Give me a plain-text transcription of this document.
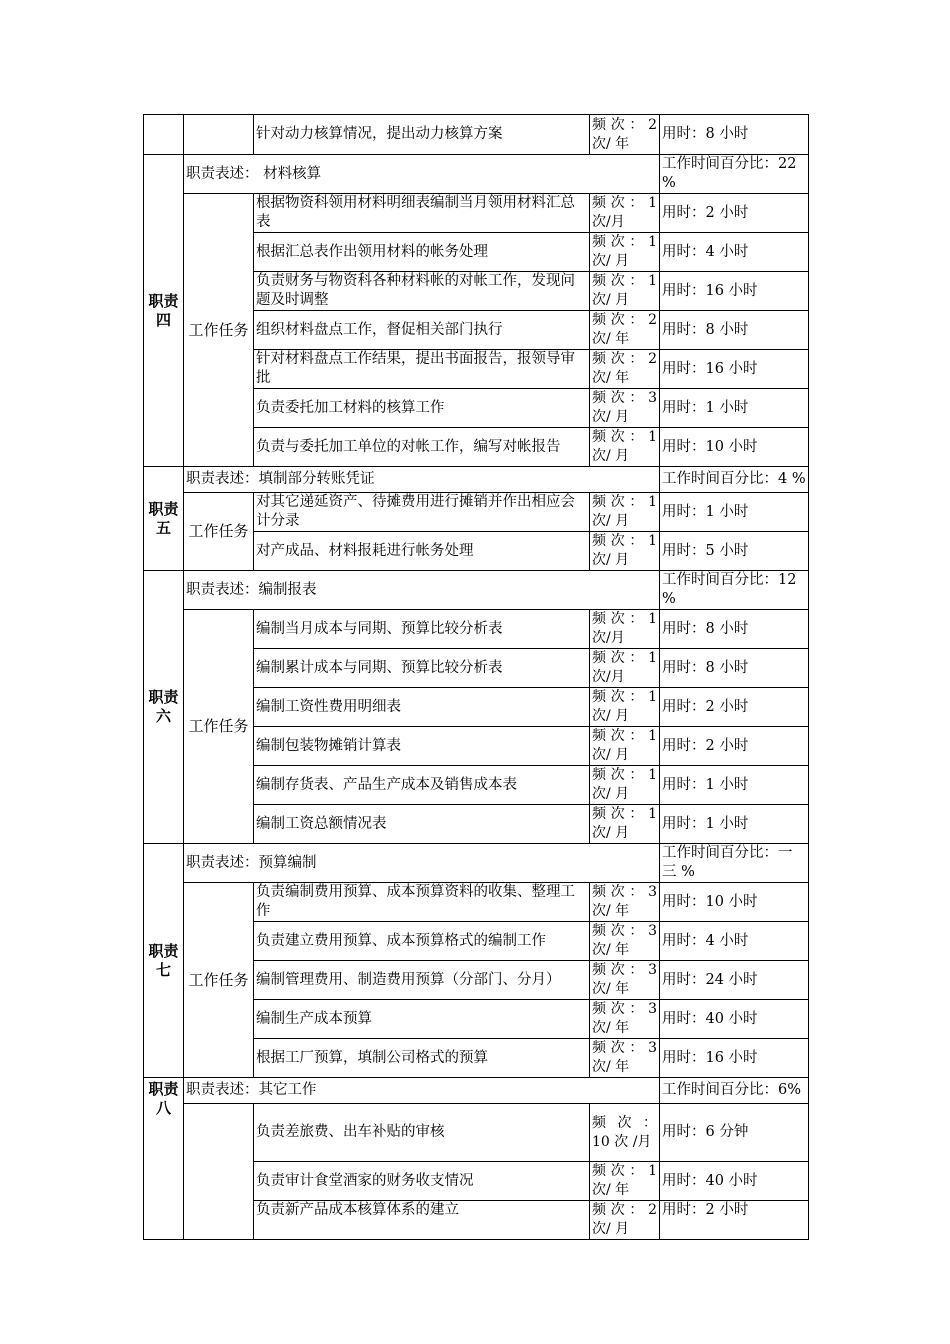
		针对动力核算情况，提出动力核算方案	频次：2次/ 年	用时：8 小时
职责四	职责表述： 材料核算			工作时间百分比：22 %
	工作任务	根据物资科领用材料明细表编制当月领用材料汇总表	频次：1次/月	用时：2 小时
		根据汇总表作出领用材料的帐务处理	频次：1次/ 月	用时：4 小时
		负责财务与物资科各种材料帐的对帐工作，发现问题及时调整	频次：1次/ 月	用时：16 小时
		组织材料盘点工作，督促相关部门执行	频次：2次/ 年	用时：8 小时
		针对材料盘点工作结果，提出书面报告，报领导审批	频次：2次/ 年	用时：16 小时
		负责委托加工材料的核算工作	频次：3次/ 月	用时：1 小时
		负责与委托加工单位的对帐工作，编写对帐报告	频次：1次/ 月	用时：10 小时
职责五	职责表述：填制部分转账凭证			工作时间百分比：4 %
	工作任务	对其它递延资产、待摊费用进行摊销并作出相应会计分录	频次：1次/ 月	用时：1 小时
		对产成品、材料报耗进行帐务处理	频次：1次/ 月	用时：5 小时
职责六	职责表述：编制报表			工作时间百分比：12 %
	工作任务	编制当月成本与同期、预算比较分析表	频次：1次/月	用时：8 小时
		编制累计成本与同期、预算比较分析表	频次：1次/月	用时：8 小时
		编制工资性费用明细表	频次：1次/ 月	用时：2 小时
		编制包装物摊销计算表	频次：1次/ 月	用时：2 小时
		编制存货表、产品生产成本及销售成本表	频次：1次/ 月	用时：1 小时
		编制工资总额情况表	频次：1次/ 月	用时：1 小时
职责七	职责表述：预算编制			工作时间百分比：一三 %
	工作任务	负责编制费用预算、成本预算资料的收集、整理工作	频次：3次/ 年	用时：10 小时
		负责建立费用预算、成本预算格式的编制工作	频次：3次/ 年	用时：4 小时
		编制管理费用、制造费用预算（分部门、分月）	频次：3次/ 年	用时：24 小时
		编制生产成本预算	频次：3次/ 年	用时：40 小时
		根据工厂预算，填制公司格式的预算	频次：3次/ 年	用时：16 小时
职责八	职责表述：其它工作			工作时间百分比：6%
		负责差旅费、出车补贴的审核	频 次 ：10 次 /月	用时：6 分钟
		负责审计食堂酒家的财务收支情况	频次：1次/ 年	用时：40 小时
		负责新产品成本核算体系的建立	频次：2次/ 月	用时：2 小时
